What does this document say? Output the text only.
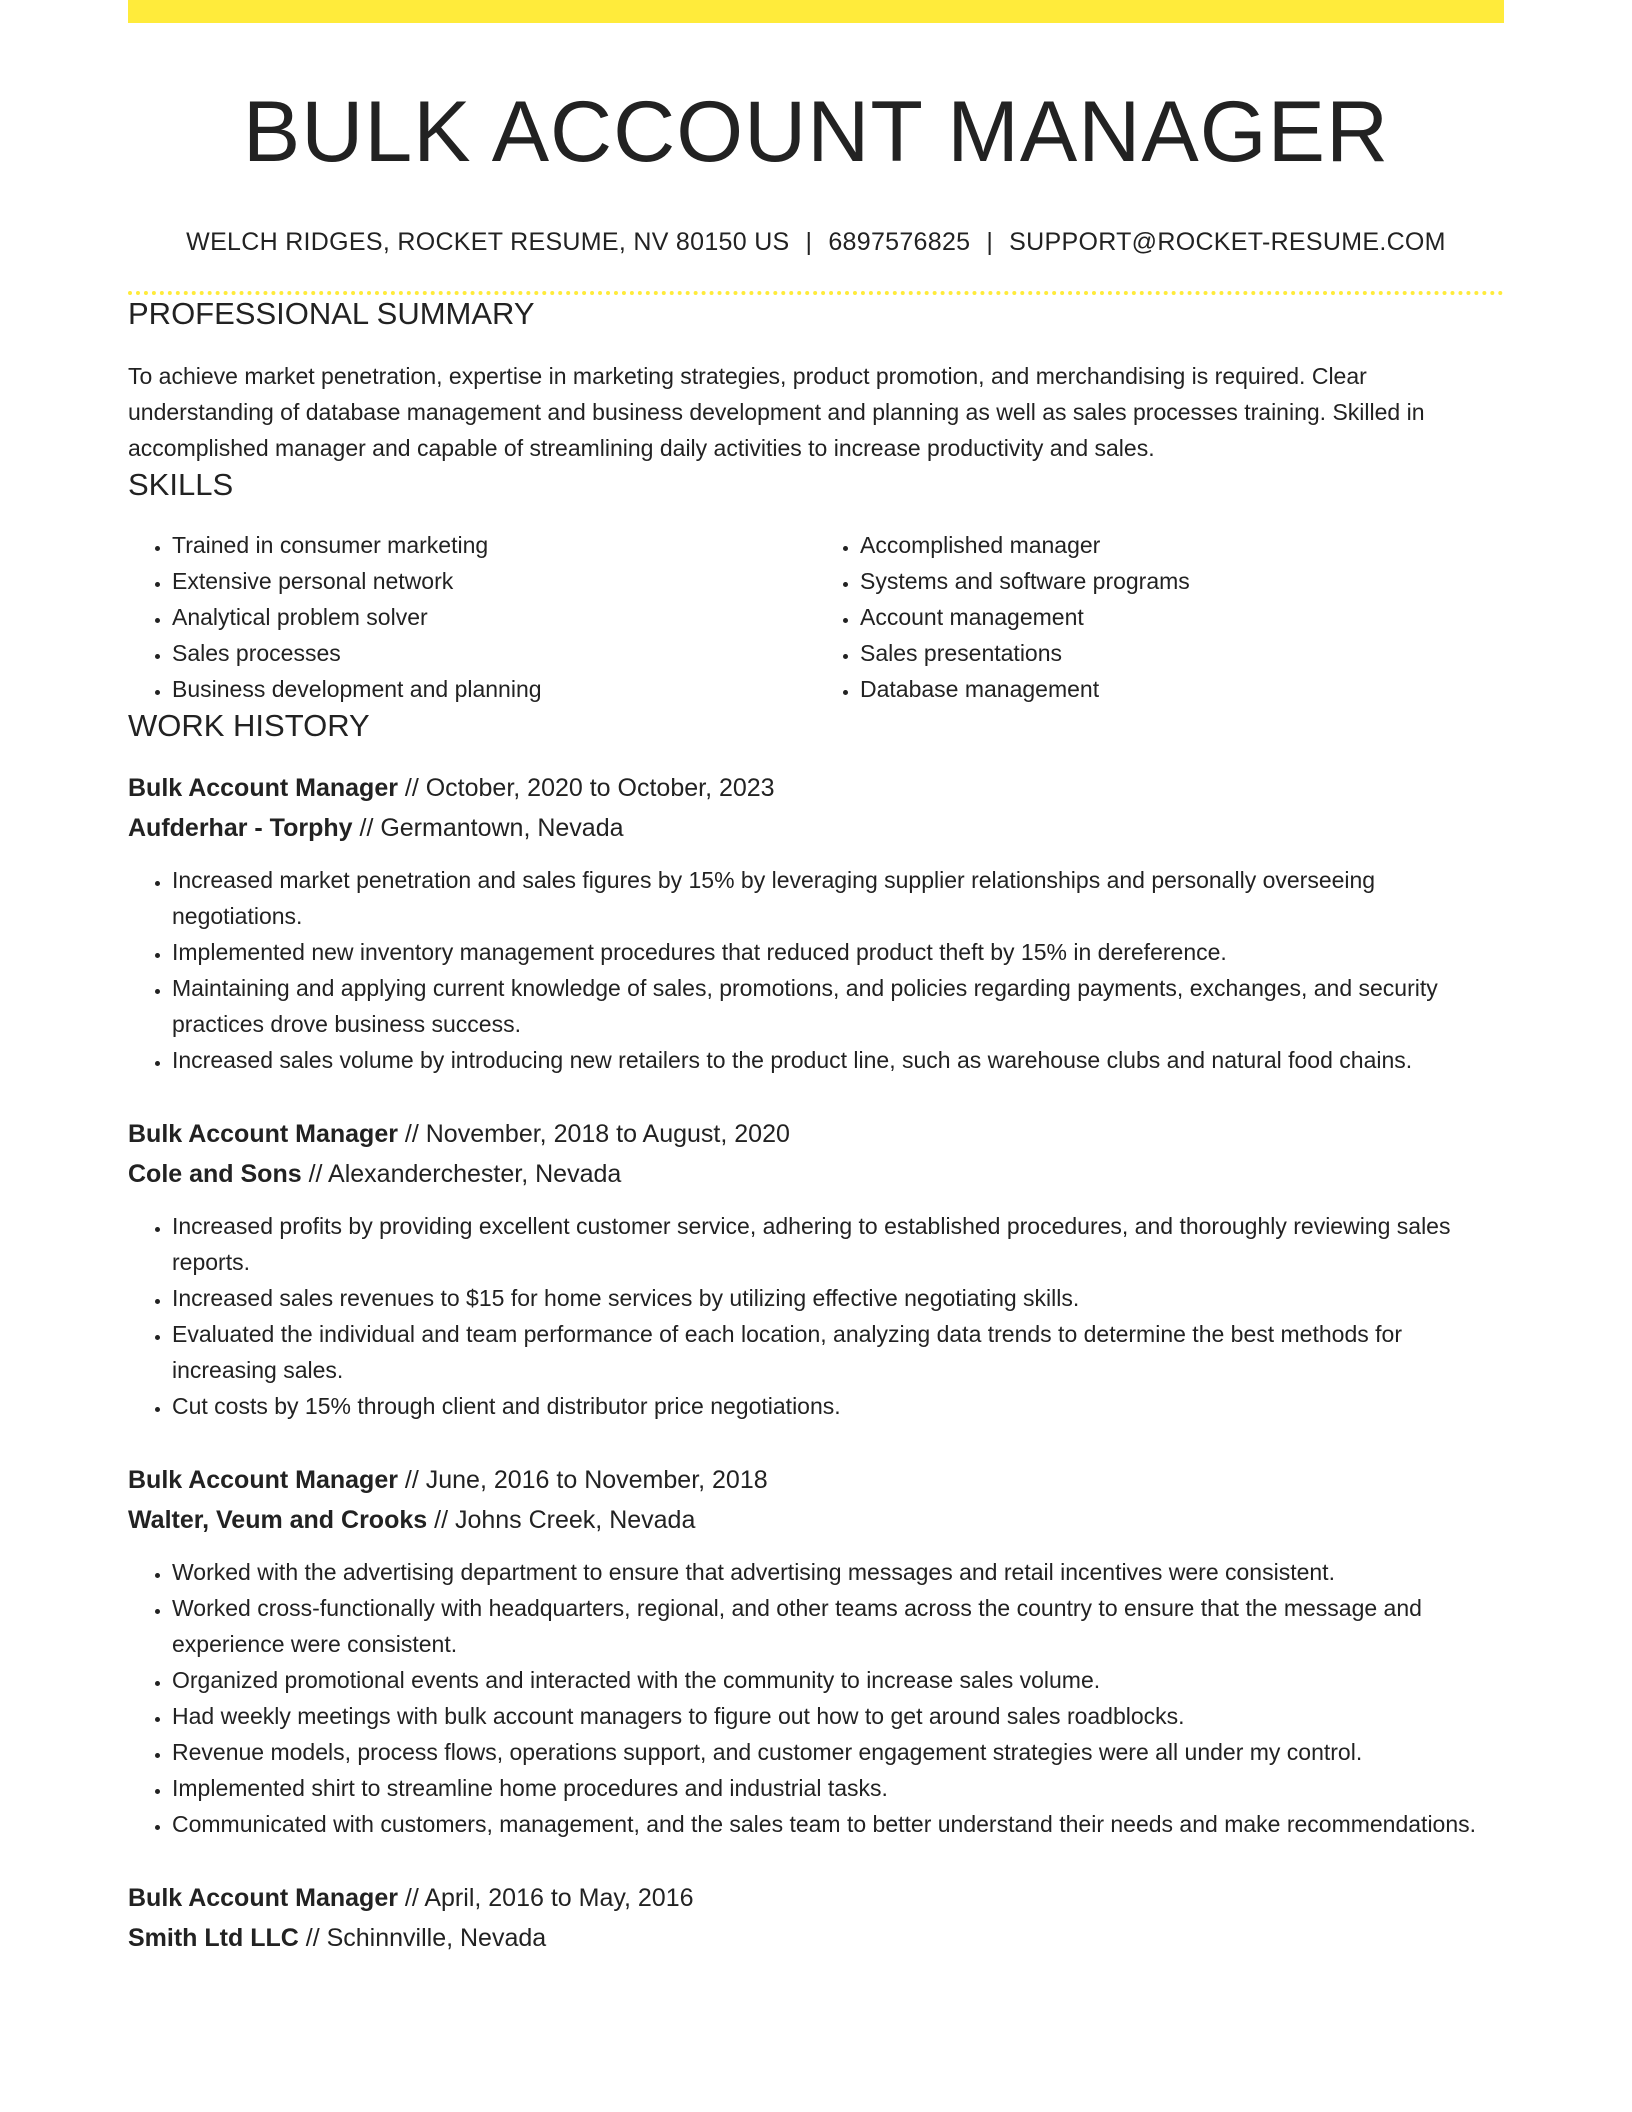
BULK ACCOUNT MANAGER
WELCH RIDGES, ROCKET RESUME, NV 80150 US | 6897576825 | SUPPORT@ROCKET-RESUME.COM
PROFESSIONAL SUMMARY

To achieve market penetration, expertise in marketing strategies, product promotion, and merchandising is required. Clear understanding of database management and business development and planning as well as sales processes training. Skilled in accomplished manager and capable of streamlining daily activities to increase productivity and sales.

SKILLS
• Trained in consumer marketing
• Extensive personal network
• Analytical problem solver
• Sales processes
• Business development and planning
• Accomplished manager
• Systems and software programs
• Account management
• Sales presentations
• Database management
WORK HISTORY
Bulk Account Manager // October, 2020 to October, 2023
Aufderhar - Torphy // Germantown, Nevada
• Increased market penetration and sales figures by 15% by leveraging supplier relationships and personally overseeing negotiations.
• Implemented new inventory management procedures that reduced product theft by 15% in dereference.
• Maintaining and applying current knowledge of sales, promotions, and policies regarding payments, exchanges, and security practices drove business success.
• Increased sales volume by introducing new retailers to the product line, such as warehouse clubs and natural food chains.
Bulk Account Manager // November, 2018 to August, 2020
Cole and Sons // Alexanderchester, Nevada
• Increased profits by providing excellent customer service, adhering to established procedures, and thoroughly reviewing sales reports.
• Increased sales revenues to $15 for home services by utilizing effective negotiating skills.
• Evaluated the individual and team performance of each location, analyzing data trends to determine the best methods for increasing sales.
• Cut costs by 15% through client and distributor price negotiations.
Bulk Account Manager // June, 2016 to November, 2018
Walter, Veum and Crooks // Johns Creek, Nevada
• Worked with the advertising department to ensure that advertising messages and retail incentives were consistent.
• Worked cross-functionally with headquarters, regional, and other teams across the country to ensure that the message and experience were consistent.
• Organized promotional events and interacted with the community to increase sales volume.
• Had weekly meetings with bulk account managers to figure out how to get around sales roadblocks.
• Revenue models, process flows, operations support, and customer engagement strategies were all under my control.
• Implemented shirt to streamline home procedures and industrial tasks.
• Communicated with customers, management, and the sales team to better understand their needs and make recommendations.
Bulk Account Manager // April, 2016 to May, 2016
Smith Ltd LLC // Schinnville, Nevada
